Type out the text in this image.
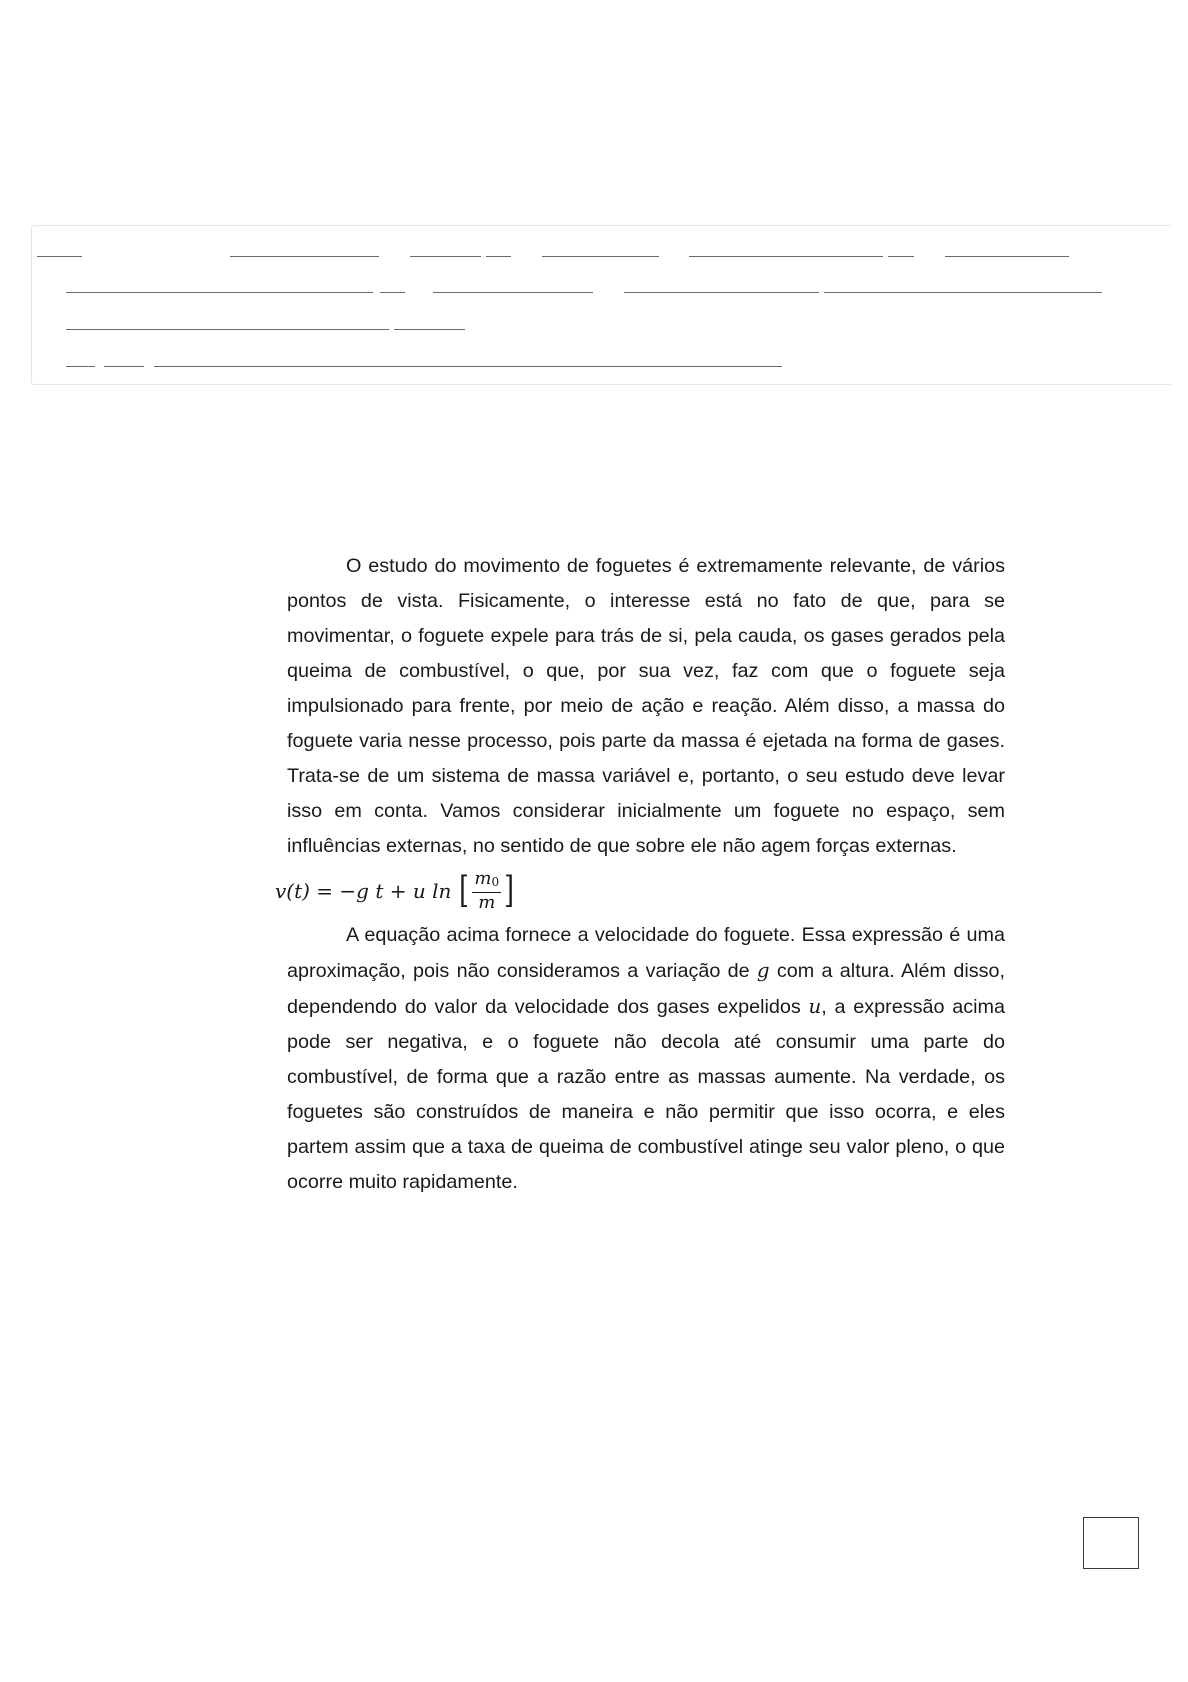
O estudo do movimento de foguetes é extremamente relevante, de vários pontos de vista. Fisicamente, o interesse está no fato de que, para se movimentar, o foguete expele para trás de si, pela cauda, os gases gerados pela queima de combustível, o que, por sua vez, faz com que o foguete seja impulsionado para frente, por meio de ação e reação. Além disso, a massa do foguete varia nesse processo, pois parte da massa é ejetada na forma de gases. Trata-se de um sistema de massa variável e, portanto, o seu estudo deve levar isso em conta. Vamos considerar inicialmente um foguete no espaço, sem influências externas, no sentido de que sobre ele não agem forças externas.

v(t) = −g t + u ln [ $\frac{m_0}{m}$ ]

A equação acima fornece a velocidade do foguete. Essa expressão é uma aproximação, pois não consideramos a variação de g com a altura. Além disso, dependendo do valor da velocidade dos gases expelidos u, a expressão acima pode ser negativa, e o foguete não decola até consumir uma parte do combustível, de forma que a razão entre as massas aumente. Na verdade, os foguetes são construídos de maneira e não permitir que isso ocorra, e eles partem assim que a taxa de queima de combustível atinge seu valor pleno, o que ocorre muito rapidamente.
